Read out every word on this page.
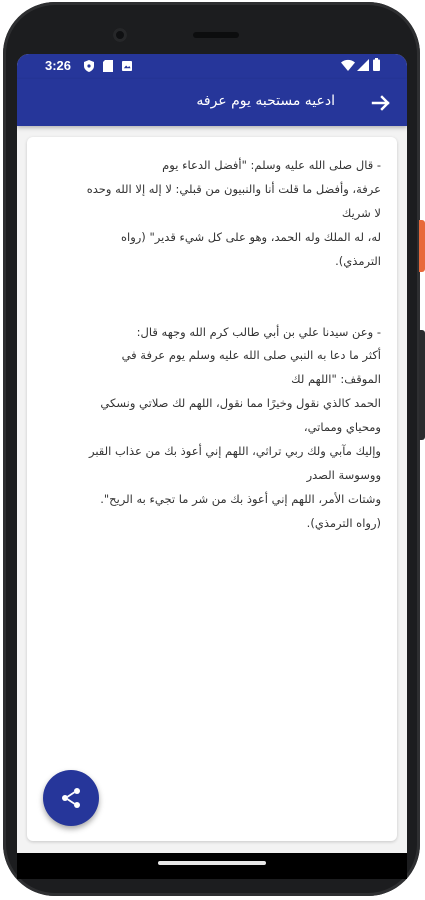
3:26
ادعيه مستحبه يوم عرفه

- قال صلى الله عليه وسلم: "أفضل الدعاء يوم
عرفة، وأفضل ما قلت أنا والنبيون من قبلي: لا إله إلا الله وحده
لا شريك
له، له الملك وله الحمد، وهو على كل شيء قدير" (رواه
الترمذي).

- وعن سيدنا علي بن أبي طالب كرم الله وجهه قال:
أكثر ما دعا به النبي صلى الله عليه وسلم يوم عرفة في
الموقف: "اللهم لك
الحمد كالذي نقول وخيرًا مما نقول، اللهم لك صلاتي ونسكي
ومحياي ومماتي،
وإليك مآبي ولك ربي تراثي، اللهم إني أعوذ بك من عذاب القبر
ووسوسة الصدر
وشتات الأمر، اللهم إني أعوذ بك من شر ما تجيء به الريح".
(رواه الترمذي).
